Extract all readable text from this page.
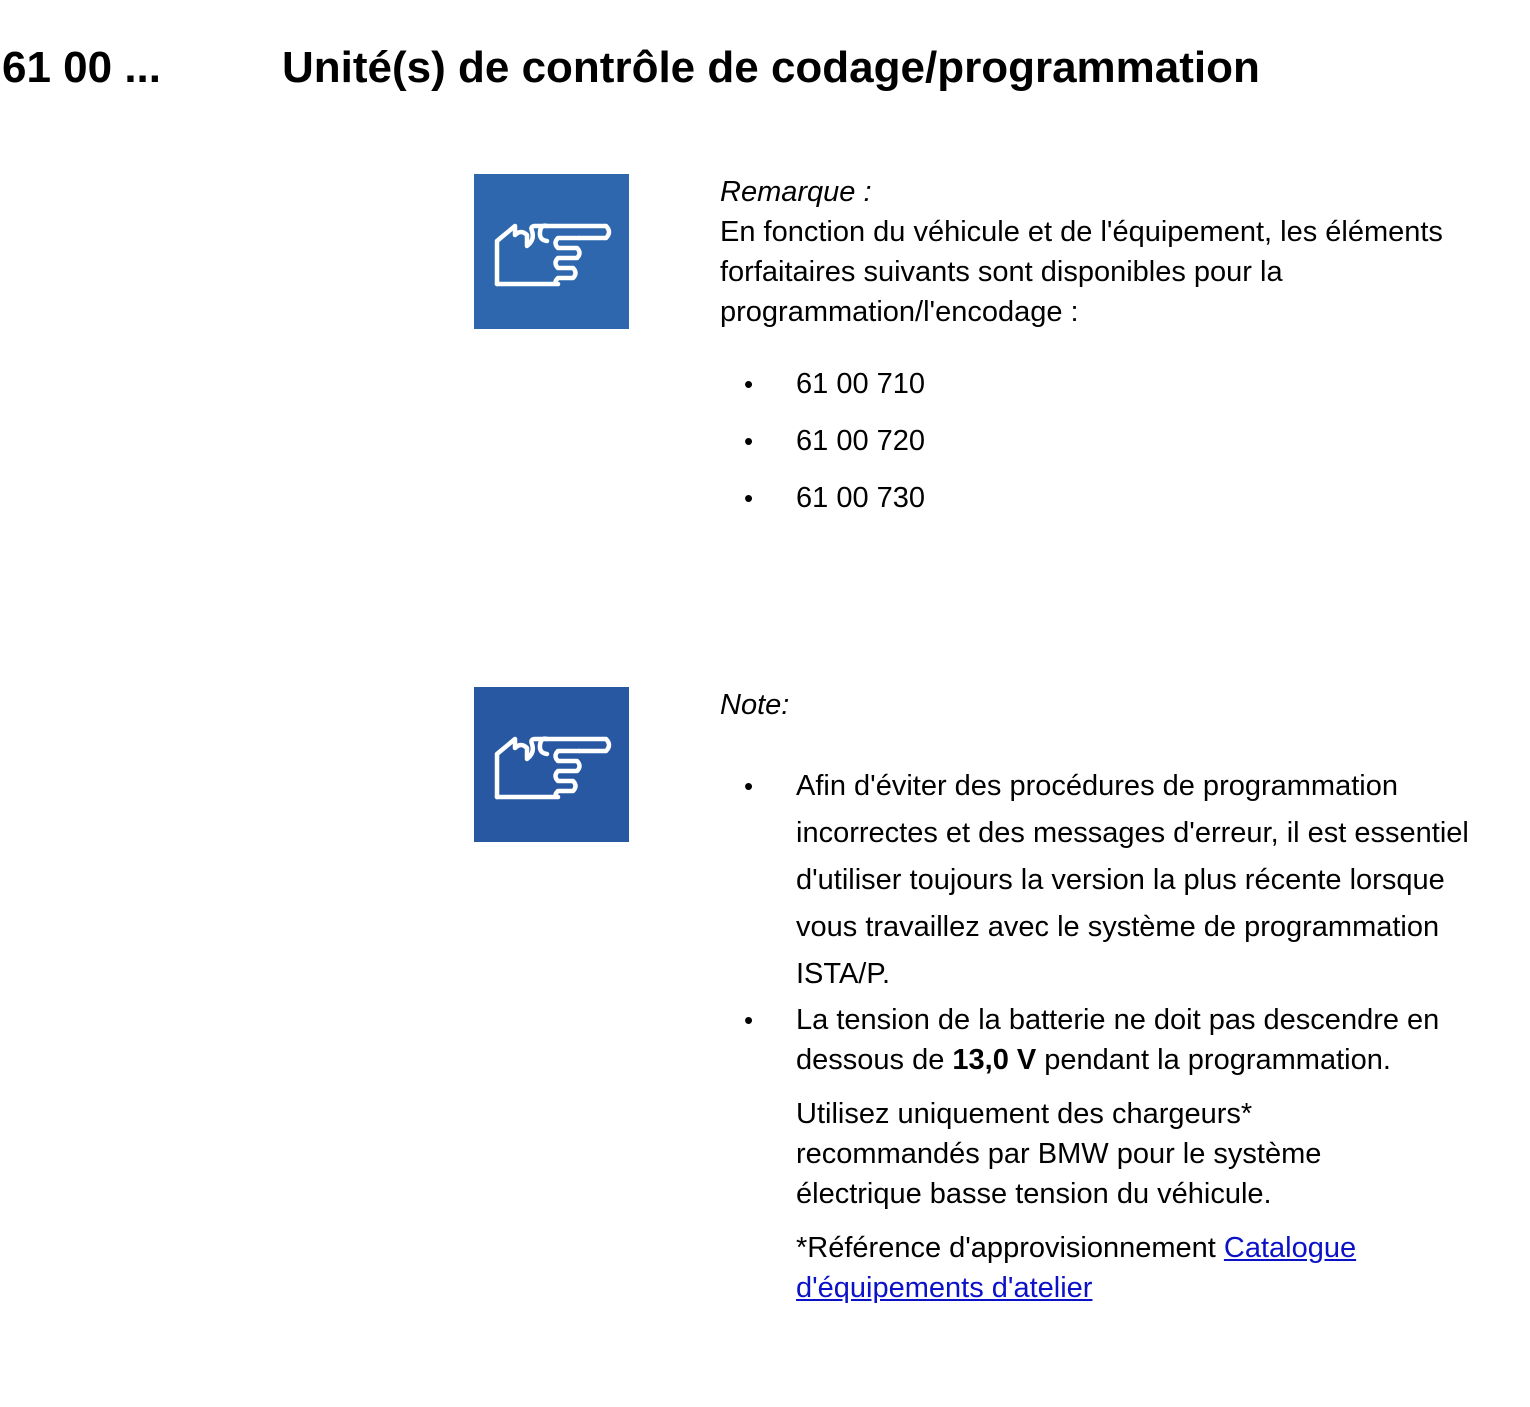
61 00 ...	Unité(s) de contrôle de codage/programmation
Remarque :
En fonction du véhicule et de l'équipement, les éléments forfaitaires suivants sont disponibles pour la programmation/l'encodage :
• 61 00 710
• 61 00 720
• 61 00 730
Note:
• Afin d'éviter des procédures de programmation incorrectes et des messages d'erreur, il est essentiel d'utiliser toujours la version la plus récente lorsque vous travaillez avec le système de programmation ISTA/P.
• La tension de la batterie ne doit pas descendre en dessous de 13,0 V pendant la programmation.
Utilisez uniquement des chargeurs* recommandés par BMW pour le système électrique basse tension du véhicule.
*Référence d'approvisionnement Catalogue d'équipements d'atelier
